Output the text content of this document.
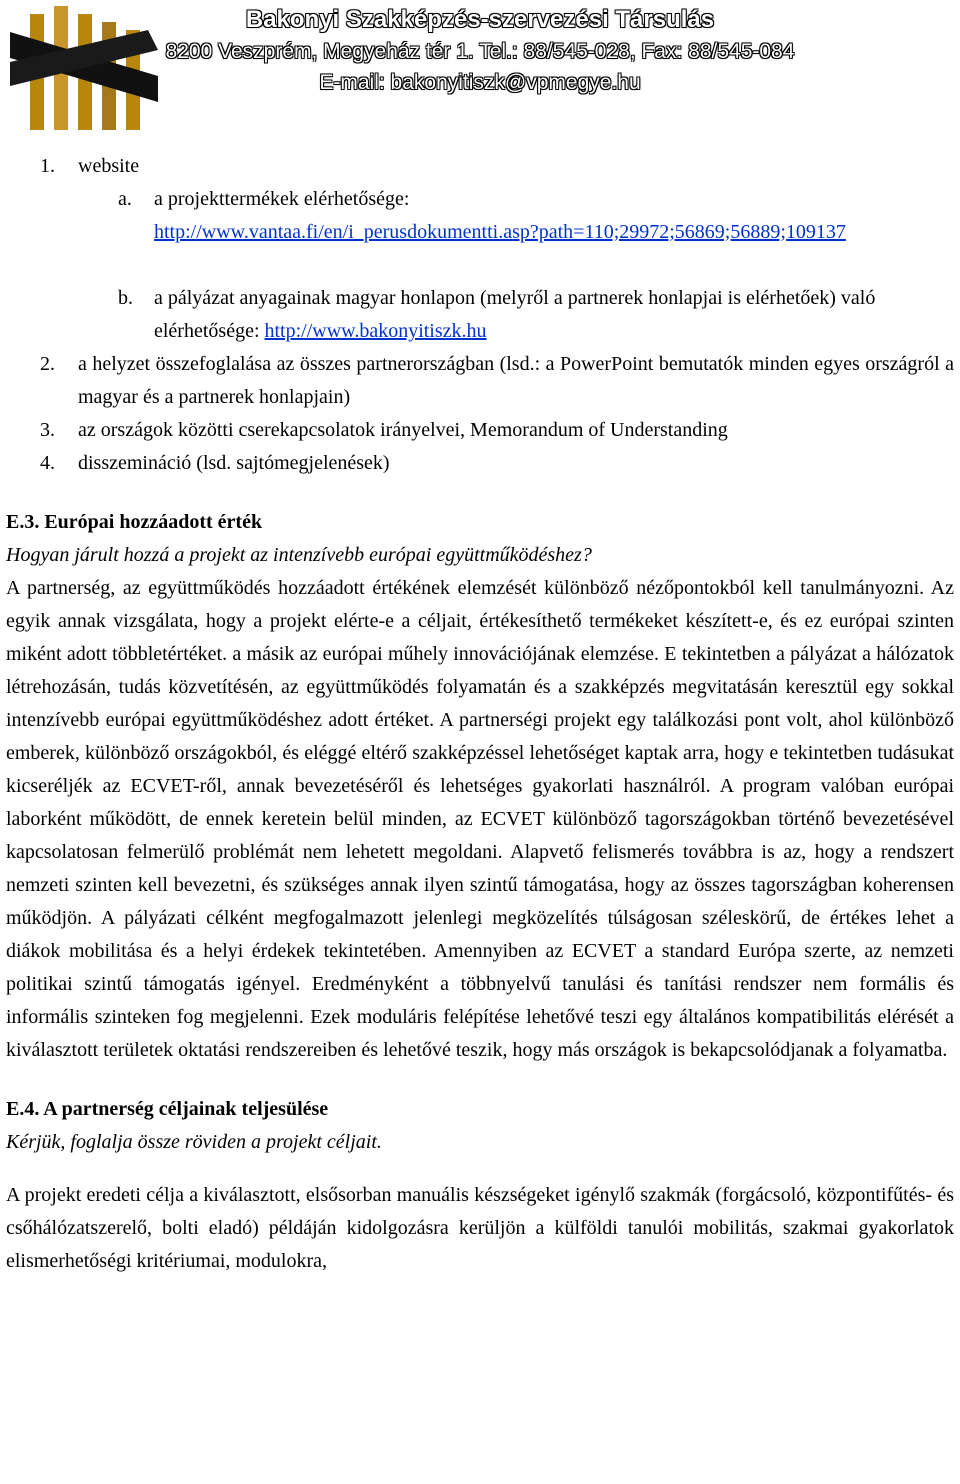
Bakonyi Szakképzés-szervezési Társulás
8200 Veszprém, Megyeház tér 1. Tel.: 88/545-028, Fax: 88/545-084
E-mail: bakonyitiszk@vpmegye.hu
1. website
a. a projekttermékek elérhetősége:

http://www.vantaa.fi/en/i_perusdokumentti.asp?path=110;29972;56869;56889;109137

b. a pályázat anyagainak magyar honlapon (melyről a partnerek honlapjai is elérhetőek) való elérhetősége: http://www.bakonyitiszk.hu

2. a helyzet összefoglalása az összes partnerországban (lsd.: a PowerPoint bemutatók minden egyes országról a magyar és a partnerek honlapjain)

3. az országok közötti cserekapcsolatok irányelvei, Memorandum of Understanding

4. disszemináció (lsd. sajtómegjelenések)

E.3. Európai hozzáadott érték

Hogyan járult hozzá a projekt az intenzívebb európai együttműködéshez?

A partnerség, az együttműködés hozzáadott értékének elemzését különböző nézőpontokból kell tanulmányozni. Az egyik annak vizsgálata, hogy a projekt elérte-e a céljait, értékesíthető termékeket készített-e, és ez európai szinten miként adott többletértéket. a másik az európai műhely innovációjának elemzése. E tekintetben a pályázat a hálózatok létrehozásán, tudás közvetítésén, az együttműködés folyamatán és a szakképzés megvitatásán keresztül egy sokkal intenzívebb európai együttműködéshez adott értéket. A partnerségi projekt egy találkozási pont volt, ahol különböző emberek, különböző országokból, és eléggé eltérő szakképzéssel lehetőséget kaptak arra, hogy e tekintetben tudásukat kicseréljék az ECVET-ről, annak bevezetéséről és lehetséges gyakorlati használról. A program valóban európai laborként működött, de ennek keretein belül minden, az ECVET különböző tagországokban történő bevezetésével kapcsolatosan felmerülő problémát nem lehetett megoldani. Alapvető felismerés továbbra is az, hogy a rendszert nemzeti szinten kell bevezetni, és szükséges annak ilyen szintű támogatása, hogy az összes tagországban koherensen működjön. A pályázati célként megfogalmazott jelenlegi megközelítés túlságosan széleskörű, de értékes lehet a diákok mobilitása és a helyi érdekek tekintetében. Amennyiben az ECVET a standard Európa szerte, az nemzeti politikai szintű támogatás igényel. Eredményként a többnyelvű tanulási és tanítási rendszer nem formális és informális szinteken fog megjelenni. Ezek moduláris felépítése lehetővé teszi egy általános kompatibilitás elérését a kiválasztott területek oktatási rendszereiben és lehetővé teszik, hogy más országok is bekapcsolódjanak a folyamatba.

E.4. A partnerség céljainak teljesülése

Kérjük, foglalja össze röviden a projekt céljait.

A projekt eredeti célja a kiválasztott, elsősorban manuális készségeket igénylő szakmák (forgácsoló, központifűtés- és csőhálózatszerelő, bolti eladó) példáján kidolgozásra kerüljön a külföldi tanulói mobilitás, szakmai gyakorlatok elismerhetőségi kritériumai, modulokra,
